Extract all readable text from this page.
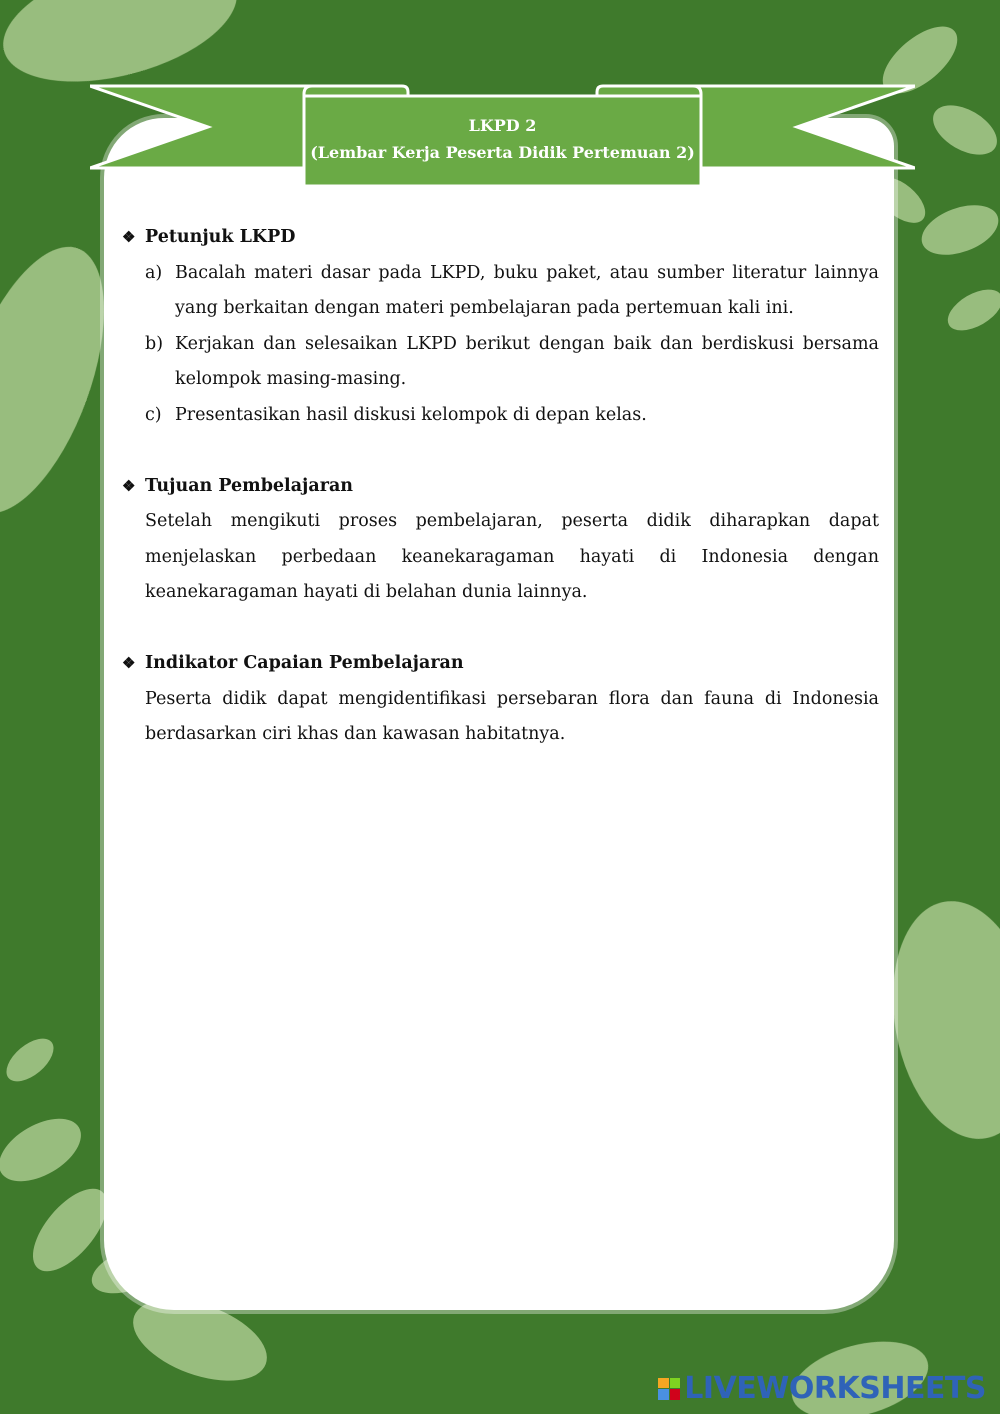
LKPD 2
(Lembar Kerja Peserta Didik Pertemuan 2)
❖ Petunjuk LKPD
a) Bacalah materi dasar pada LKPD, buku paket, atau sumber literatur lainnya yang berkaitan dengan materi pembelajaran pada pertemuan kali ini.
b) Kerjakan dan selesaikan LKPD berikut dengan baik dan berdiskusi bersama kelompok masing-masing.
c) Presentasikan hasil diskusi kelompok di depan kelas.
❖ Tujuan Pembelajaran
Setelah mengikuti proses pembelajaran, peserta didik diharapkan dapat menjelaskan perbedaan keanekaragaman hayati di Indonesia dengan keanekaragaman hayati di belahan dunia lainnya.
❖ Indikator Capaian Pembelajaran
Peserta didik dapat mengidentifikasi persebaran flora dan fauna di Indonesia berdasarkan ciri khas dan kawasan habitatnya.
LIVEWORKSHEETS
